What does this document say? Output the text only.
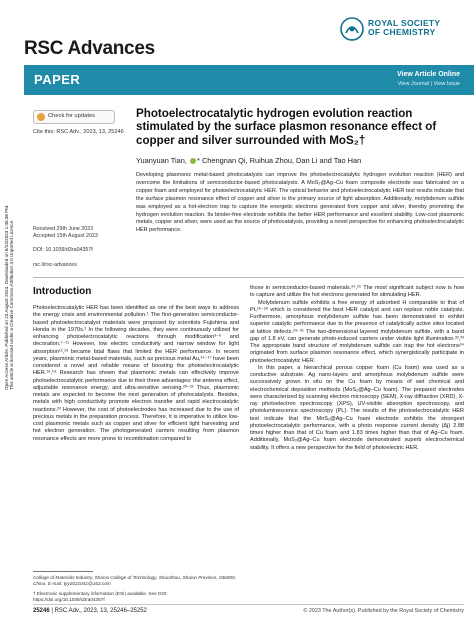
RSC Advances
ROYAL SOCIETY
OF CHEMISTRY
PAPER	View Article Online
View Journal | View Issue
Open Access Article. Published on 23 August 2023. Downloaded on 8/24/2023 1:46:36 PM. This article is licensed under a Creative Commons Attribution 3.0 Unported Licence.
Check for updates
Cite this: RSC Adv., 2023, 13, 25246
Photoelectrocatalytic hydrogen evolution reaction stimulated by the surface plasmon resonance effect of copper and silver surrounded with MoS₂†
Yuanyuan Tian, * Chengnan Qi, Ruihua Zhou, Dan Li and Tao Han
Developing plasmonic metal-based photocatalysts can improve the photoelectrocatalytic hydrogen evolution reaction (HER) and overcome the limitations of semiconductor-based photocatalysts. A MoS₂@Ag–Cu foam composite electrode was fabricated on a copper foam and employed for photoelectrocatalytic HER. The optical behavior and photoelectrocatalytic HER test results indicate that the surface plasmon resonance effect of copper and silver is the primary source of light absorption. Additionally, molybdenum sulfide was employed as a hot-electron trap to capture the energetic electrons generated from copper and silver, thereby promoting the hydrogen evolution reaction. Its binder-free electrode exhibits the better HER performance and excellent stability. Low-cost plasmonic metals, copper and silver, were used as the source of photocatalysis, providing a novel perspective for enhancing photoelectrocatalytic HER performance.
Received 29th June 2023
Accepted 15th August 2023
DOI: 10.1039/d3ra04357f
rsc.li/rsc-advances
Introduction

Photoelectrocatalytic HER has been identified as one of the best ways to address the energy crisis and environmental pollution.¹ The first-generation semiconductor-based photoelectrocatalyst materials were proposed by scientists Fujishima and Honda in the 1970s.² In the following decades, they were continuously utilized for enhancing photoelectrocatalytic reactions through modification³⁻⁶ and decoration.⁷⁻¹¹ However, low electric conductivity and narrow window for light absorption¹²,¹³ became fatal flaws that limited the HER performance. In recent years, plasmonic metal-based materials, such as precious metal Au,¹⁴⁻¹⁷ have been considered a novel and reliable means of boosting the photoelectrocatalytic HER.¹⁸,¹⁹ Research has shown that plasmonic metals can effectively improve photoelectrocatalytic performance due to their three advantages: the antenna effect, adjustable resonance energy, and ultra-sensitive sensing.²⁰⁻²² Thus, plasmonic metals are expected to become the next generation of photocatalysts. Besides, metals with high conductivity promote electron transfer and rapid electrocatalytic reactions.²³ However, the cost of photoelectrodes has increased due to the use of precious metals in the preparation process. Therefore, it is imperative to utilize low-cost plasmonic metals such as copper and silver for efficient light harvesting and hot electron generation. The photogenerated carriers resulting from plasmon resonance effects are more prone to recombination compared to

those in semiconductor-based materials.²⁴,²⁵ The most significant subject now is how to capture and utilize the hot electrons generated for stimulating HER.

Molybdenum sulfide exhibits a free energy of adsorbed H comparable to that of Pt,²⁶⁻²⁸ which is considered the best HER catalyst and can replace noble catalysts. Furthermore, amorphous molybdenum sulfide has been demonstrated to exhibit superior catalytic performance due to the presence of catalytically active sites located at lattice defects.²⁹⁻³¹ The two-dimensional layered molybdenum sulfide, with a band gap of 1.8 eV, can generate photo-induced carriers under visible light illumination.³²,³³ The appropriate band structure of molybdenum sulfide can trap the hot electrons³⁴ originated from surface plasmon resonance effect, which synergistically participate in photoelectrocatalytic HER.

In this paper, a hierarchical porous copper foam (Cu foam) was used as a conductive substrate. Ag nano-layers and amorphous molybdenum sulfide were successively grown in situ on the Cu foam by means of wet chemical and electrochemical deposition methods (MoS₂@Ag–Cu foam). The prepared electrodes were characterized by scanning electron microscopy (SEM), X-ray diffraction (XRD), X-ray photoelectron spectroscopy (XPS), UV-visible absorption spectroscopy, and photoluminescence spectroscopy (PL). The results of the photoelectrocatalytic HER test indicate that the MoS₂@Ag–Cu foam electrode exhibits the strongest photoelectrocatalytic performance, with a photo response current density (Δj) 2.88 times higher than that of Cu foam and 1.83 times higher than that of Ag–Cu foam. Additionally, MoS₂@Ag–Cu foam electrode demonstrated superb electrochemical stability. It offers a new perspective for the field of photoelectric HER.

College of Materials Industry, Shanxi College of Technology, Shuozhou, Shanxi Province, 036000, China. E-mail: tyy2021041@163.com
† Electronic supplementary information (ESI) available. See DOI: https://doi.org/10.1039/d3ra04357f
25246 | RSC Adv., 2023, 13, 25246–25252	© 2023 The Author(s). Published by the Royal Society of Chemistry
